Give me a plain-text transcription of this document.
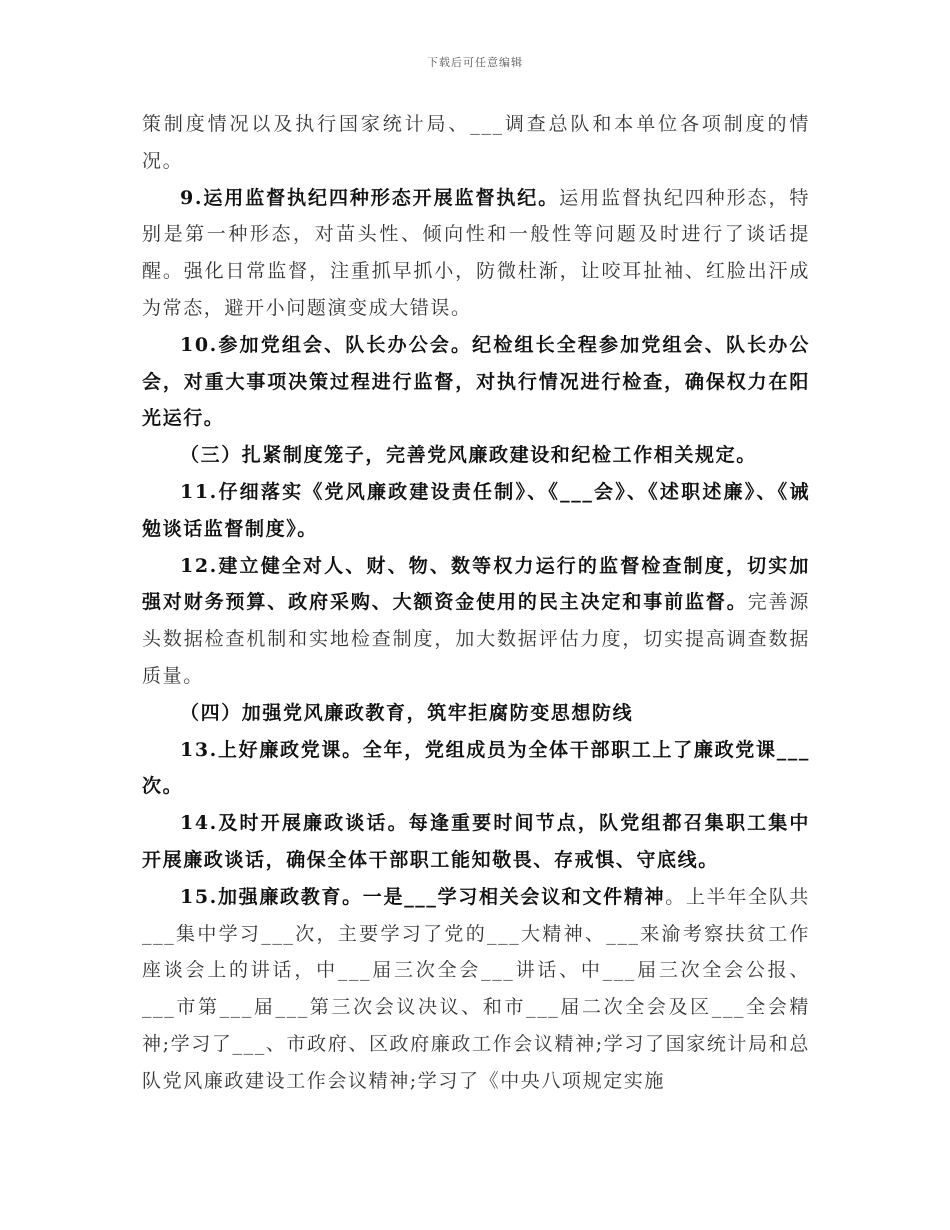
下载后可任意编辑

策制度情况以及执行国家统计局、___调查总队和本单位各项制度的情况。

9.运用监督执纪四种形态开展监督执纪。运用监督执纪四种形态，特别是第一种形态，对苗头性、倾向性和一般性等问题及时进行了谈话提醒。强化日常监督，注重抓早抓小，防微杜渐，让咬耳扯袖、红脸出汗成为常态，避开小问题演变成大错误。

10.参加党组会、队长办公会。纪检组长全程参加党组会、队长办公会，对重大事项决策过程进行监督，对执行情况进行检查，确保权力在阳光运行。

（三）扎紧制度笼子，完善党风廉政建设和纪检工作相关规定。

11.仔细落实《党风廉政建设责任制》、《___会》、《述职述廉》、《诫勉谈话监督制度》。

12.建立健全对人、财、物、数等权力运行的监督检查制度，切实加强对财务预算、政府采购、大额资金使用的民主决定和事前监督。完善源头数据检查机制和实地检查制度，加大数据评估力度，切实提高调查数据质量。

（四）加强党风廉政教育，筑牢拒腐防变思想防线

13.上好廉政党课。全年，党组成员为全体干部职工上了廉政党课___次。

14.及时开展廉政谈话。每逢重要时间节点，队党组都召集职工集中开展廉政谈话，确保全体干部职工能知敬畏、存戒惧、守底线。

15.加强廉政教育。一是___学习相关会议和文件精神。上半年全队共___集中学习___次，主要学习了党的___大精神、___来渝考察扶贫工作座谈会上的讲话，中___届三次全会___讲话、中___届三次全会公报、___市第___届___第三次会议决议、和市___届二次全会及区___全会精神;学习了___、市政府、区政府廉政工作会议精神;学习了国家统计局和总队党风廉政建设工作会议精神;学习了《中央八项规定实施
